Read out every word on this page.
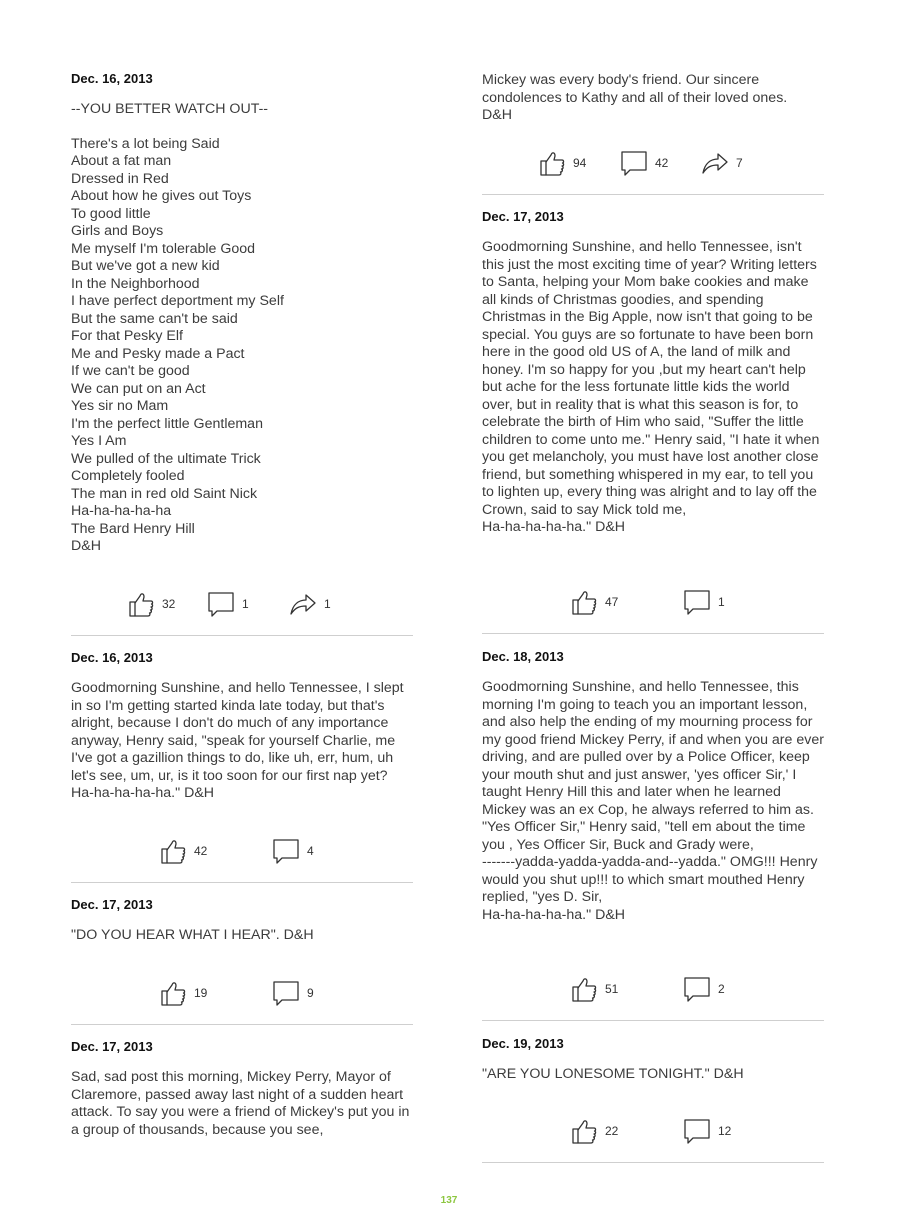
Dec. 16, 2013

--YOU BETTER WATCH OUT--

There's a lot being Said
About a fat man
Dressed in Red
About how he gives out Toys
To good little
Girls and Boys
Me myself I'm tolerable Good
But we've got a new kid
In the Neighborhood
I have perfect deportment my Self
But the same can't be said
For that Pesky Elf
Me and Pesky made a Pact
If we can't be good
We can put on an Act
Yes sir no Mam
I'm the perfect little Gentleman
Yes I Am
We pulled of the ultimate Trick
Completely fooled
The man in red old Saint Nick
Ha-ha-ha-ha-ha
The Bard Henry Hill
D&H

32	1	1

Dec. 16, 2013

Goodmorning Sunshine, and hello Tennessee, I slept in so I'm getting started kinda late today, but that's alright, because I don't do much of any importance anyway, Henry said, "speak for yourself Charlie, me I've got a gazillion things to do, like uh, err, hum, uh let's see, um, ur, is it too soon for our first nap yet? Ha-ha-ha-ha-ha." D&H

42	4

Dec. 17, 2013

"DO YOU HEAR WHAT I HEAR". D&H

19	9

Dec. 17, 2013

Sad, sad post this morning, Mickey Perry, Mayor of Claremore, passed away last night of a sudden heart attack. To say you were a friend of Mickey's put you in a group of thousands, because you see,

Mickey was every body's friend. Our sincere condolences to Kathy and all of their loved ones.
D&H

94	42	7

Dec. 17, 2013

Goodmorning Sunshine, and hello Tennessee, isn't this just the most exciting time of year? Writing letters to Santa, helping your Mom bake cookies and make all kinds of Christmas goodies, and spending Christmas in the Big Apple, now isn't that going to be special. You guys are so fortunate to have been born here in the good old US of A, the land of milk and honey. I'm so happy for you ,but my heart can't help but ache for the less fortunate little kids the world over, but in reality that is what this season is for, to celebrate the birth of Him who said, "Suffer the little children to come unto me." Henry said, "I hate it when you get melancholy, you must have lost another close friend, but something whispered in my ear, to tell you to lighten up, every thing was alright and to lay off the Crown, said to say Mick told me,
Ha-ha-ha-ha-ha." D&H

47	1

Dec. 18, 2013

Goodmorning Sunshine, and hello Tennessee, this morning I'm going to teach you an important lesson, and also help the ending of my mourning process for my good friend Mickey Perry, if and when you are ever driving, and are pulled over by a Police Officer, keep your mouth shut and just answer, 'yes officer Sir,' I taught Henry Hill this and later when he learned Mickey was an ex Cop, he always referred to him as. "Yes Officer Sir," Henry said, "tell em about the time you , Yes Officer Sir, Buck and Grady were,
-------yadda-yadda-yadda-and--yadda." OMG!!! Henry would you shut up!!! to which smart mouthed Henry replied, "yes D. Sir,
Ha-ha-ha-ha-ha." D&H

51	2

Dec. 19, 2013

"ARE YOU LONESOME TONIGHT." D&H

22	12
137
